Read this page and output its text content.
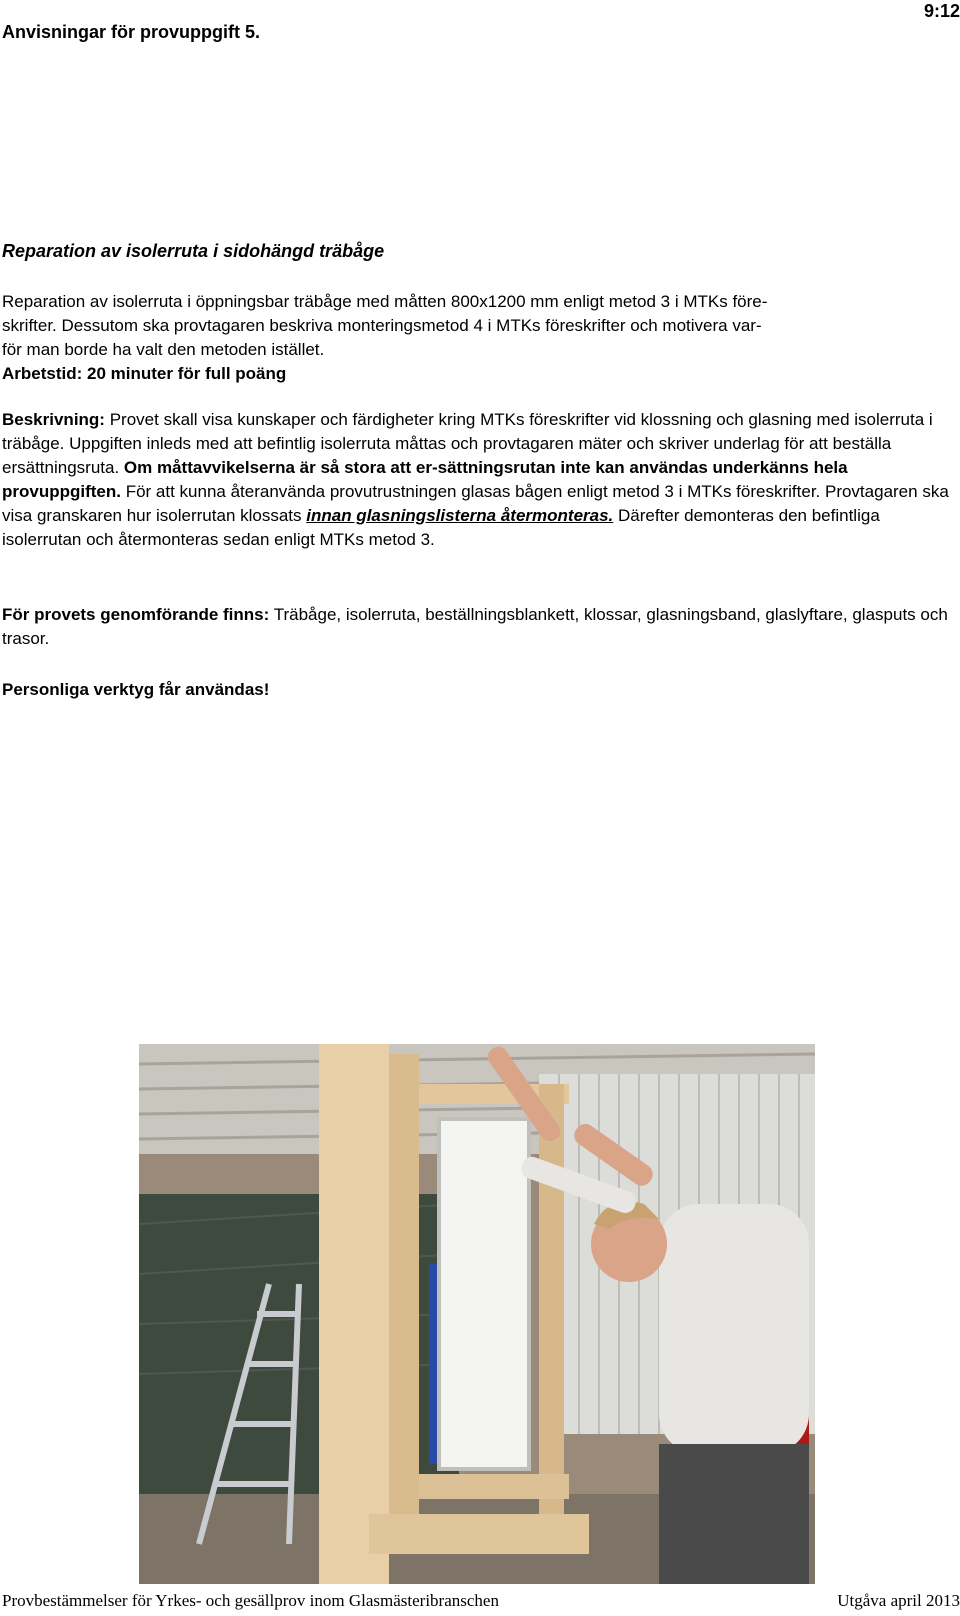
Anvisningar för provuppgift 5.
9:12
Reparation av isolerruta i sidohängd träbåge
Reparation av isolerruta i öppningsbar träbåge med måtten 800x1200 mm enligt metod 3 i MTKs före-
skrifter. Dessutom ska provtagaren beskriva monteringsmetod 4 i MTKs föreskrifter och motivera var-
för man borde ha valt den metoden istället.
Arbetstid: 20 minuter för full poäng
Beskrivning: Provet skall visa kunskaper och färdigheter kring MTKs föreskrifter vid klossning och glasning med isolerruta i träbåge. Uppgiften inleds med att befintlig isolerruta måttas och provtagaren mäter och skriver underlag för att beställa ersättningsruta. Om måttavvikelserna är så stora att er-sättningsrutan inte kan användas underkänns hela provuppgiften. För att kunna återanvända provutrustningen glasas bågen enligt metod 3 i MTKs föreskrifter. Provtagaren ska visa granskaren hur isolerrutan klossats innan glasningslisterna återmonteras. Därefter demonteras den befintliga isolerrutan och återmonteras sedan enligt MTKs metod 3.
För provets genomförande finns: Träbåge, isolerruta, beställningsblankett, klossar, glasningsband, glaslyftare, glasputs och trasor.
Personliga verktyg får användas!
Provbestämmelser för Yrkes- och gesällprov inom Glasmästeribranschen	Utgåva april 2013
